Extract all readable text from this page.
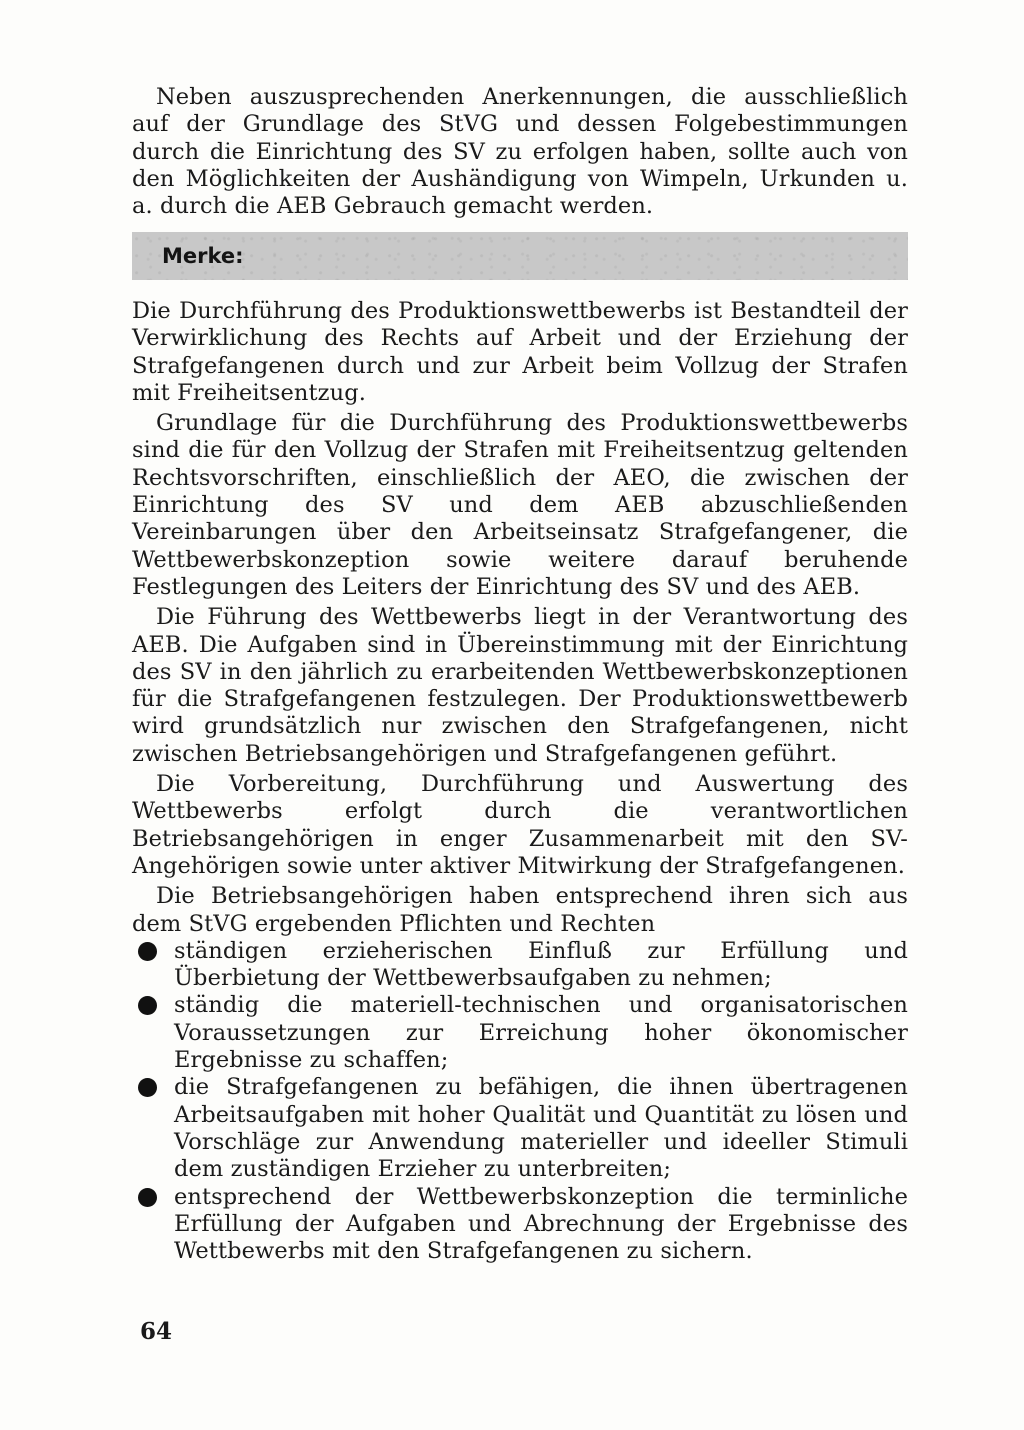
Neben auszusprechenden Anerkennungen, die ausschließlich auf der Grundlage des StVG und dessen Folgebestimmungen durch die Einrichtung des SV zu erfolgen haben, sollte auch von den Möglichkeiten der Aushändigung von Wimpeln, Urkunden u. a. durch die AEB Gebrauch gemacht werden.

Merke:

Die Durchführung des Produktionswettbewerbs ist Bestandteil der Verwirklichung des Rechts auf Arbeit und der Erziehung der Strafgefangenen durch und zur Arbeit beim Vollzug der Strafen mit Freiheitsentzug.

Grundlage für die Durchführung des Produktionswettbewerbs sind die für den Vollzug der Strafen mit Freiheitsentzug geltenden Rechtsvorschriften, einschließlich der AEO, die zwischen der Einrichtung des SV und dem AEB abzuschließenden Vereinbarungen über den Arbeitseinsatz Strafgefangener, die Wettbewerbskonzeption sowie weitere darauf beruhende Festlegungen des Leiters der Einrichtung des SV und des AEB.

Die Führung des Wettbewerbs liegt in der Verantwortung des AEB. Die Aufgaben sind in Übereinstimmung mit der Einrichtung des SV in den jährlich zu erarbeitenden Wettbewerbskonzeptionen für die Strafgefangenen festzulegen. Der Produktionswettbewerb wird grundsätzlich nur zwischen den Strafgefangenen, nicht zwischen Betriebsangehörigen und Strafgefangenen geführt.

Die Vorbereitung, Durchführung und Auswertung des Wettbewerbs erfolgt durch die verantwortlichen Betriebsangehörigen in enger Zusammenarbeit mit den SV-Angehörigen sowie unter aktiver Mitwirkung der Strafgefangenen.

Die Betriebsangehörigen haben entsprechend ihren sich aus dem StVG ergebenden Pflichten und Rechten

ständigen erzieherischen Einfluß zur Erfüllung und Überbietung der Wettbewerbsaufgaben zu nehmen;
ständig die materiell-technischen und organisatorischen Voraussetzungen zur Erreichung hoher ökonomischer Ergebnisse zu schaffen;
die Strafgefangenen zu befähigen, die ihnen übertragenen Arbeitsaufgaben mit hoher Qualität und Quantität zu lösen und Vorschläge zur Anwendung materieller und ideeller Stimuli dem zuständigen Erzieher zu unterbreiten;
entsprechend der Wettbewerbskonzeption die terminliche Erfüllung der Aufgaben und Abrechnung der Ergebnisse des Wettbewerbs mit den Strafgefangenen zu sichern.
64
